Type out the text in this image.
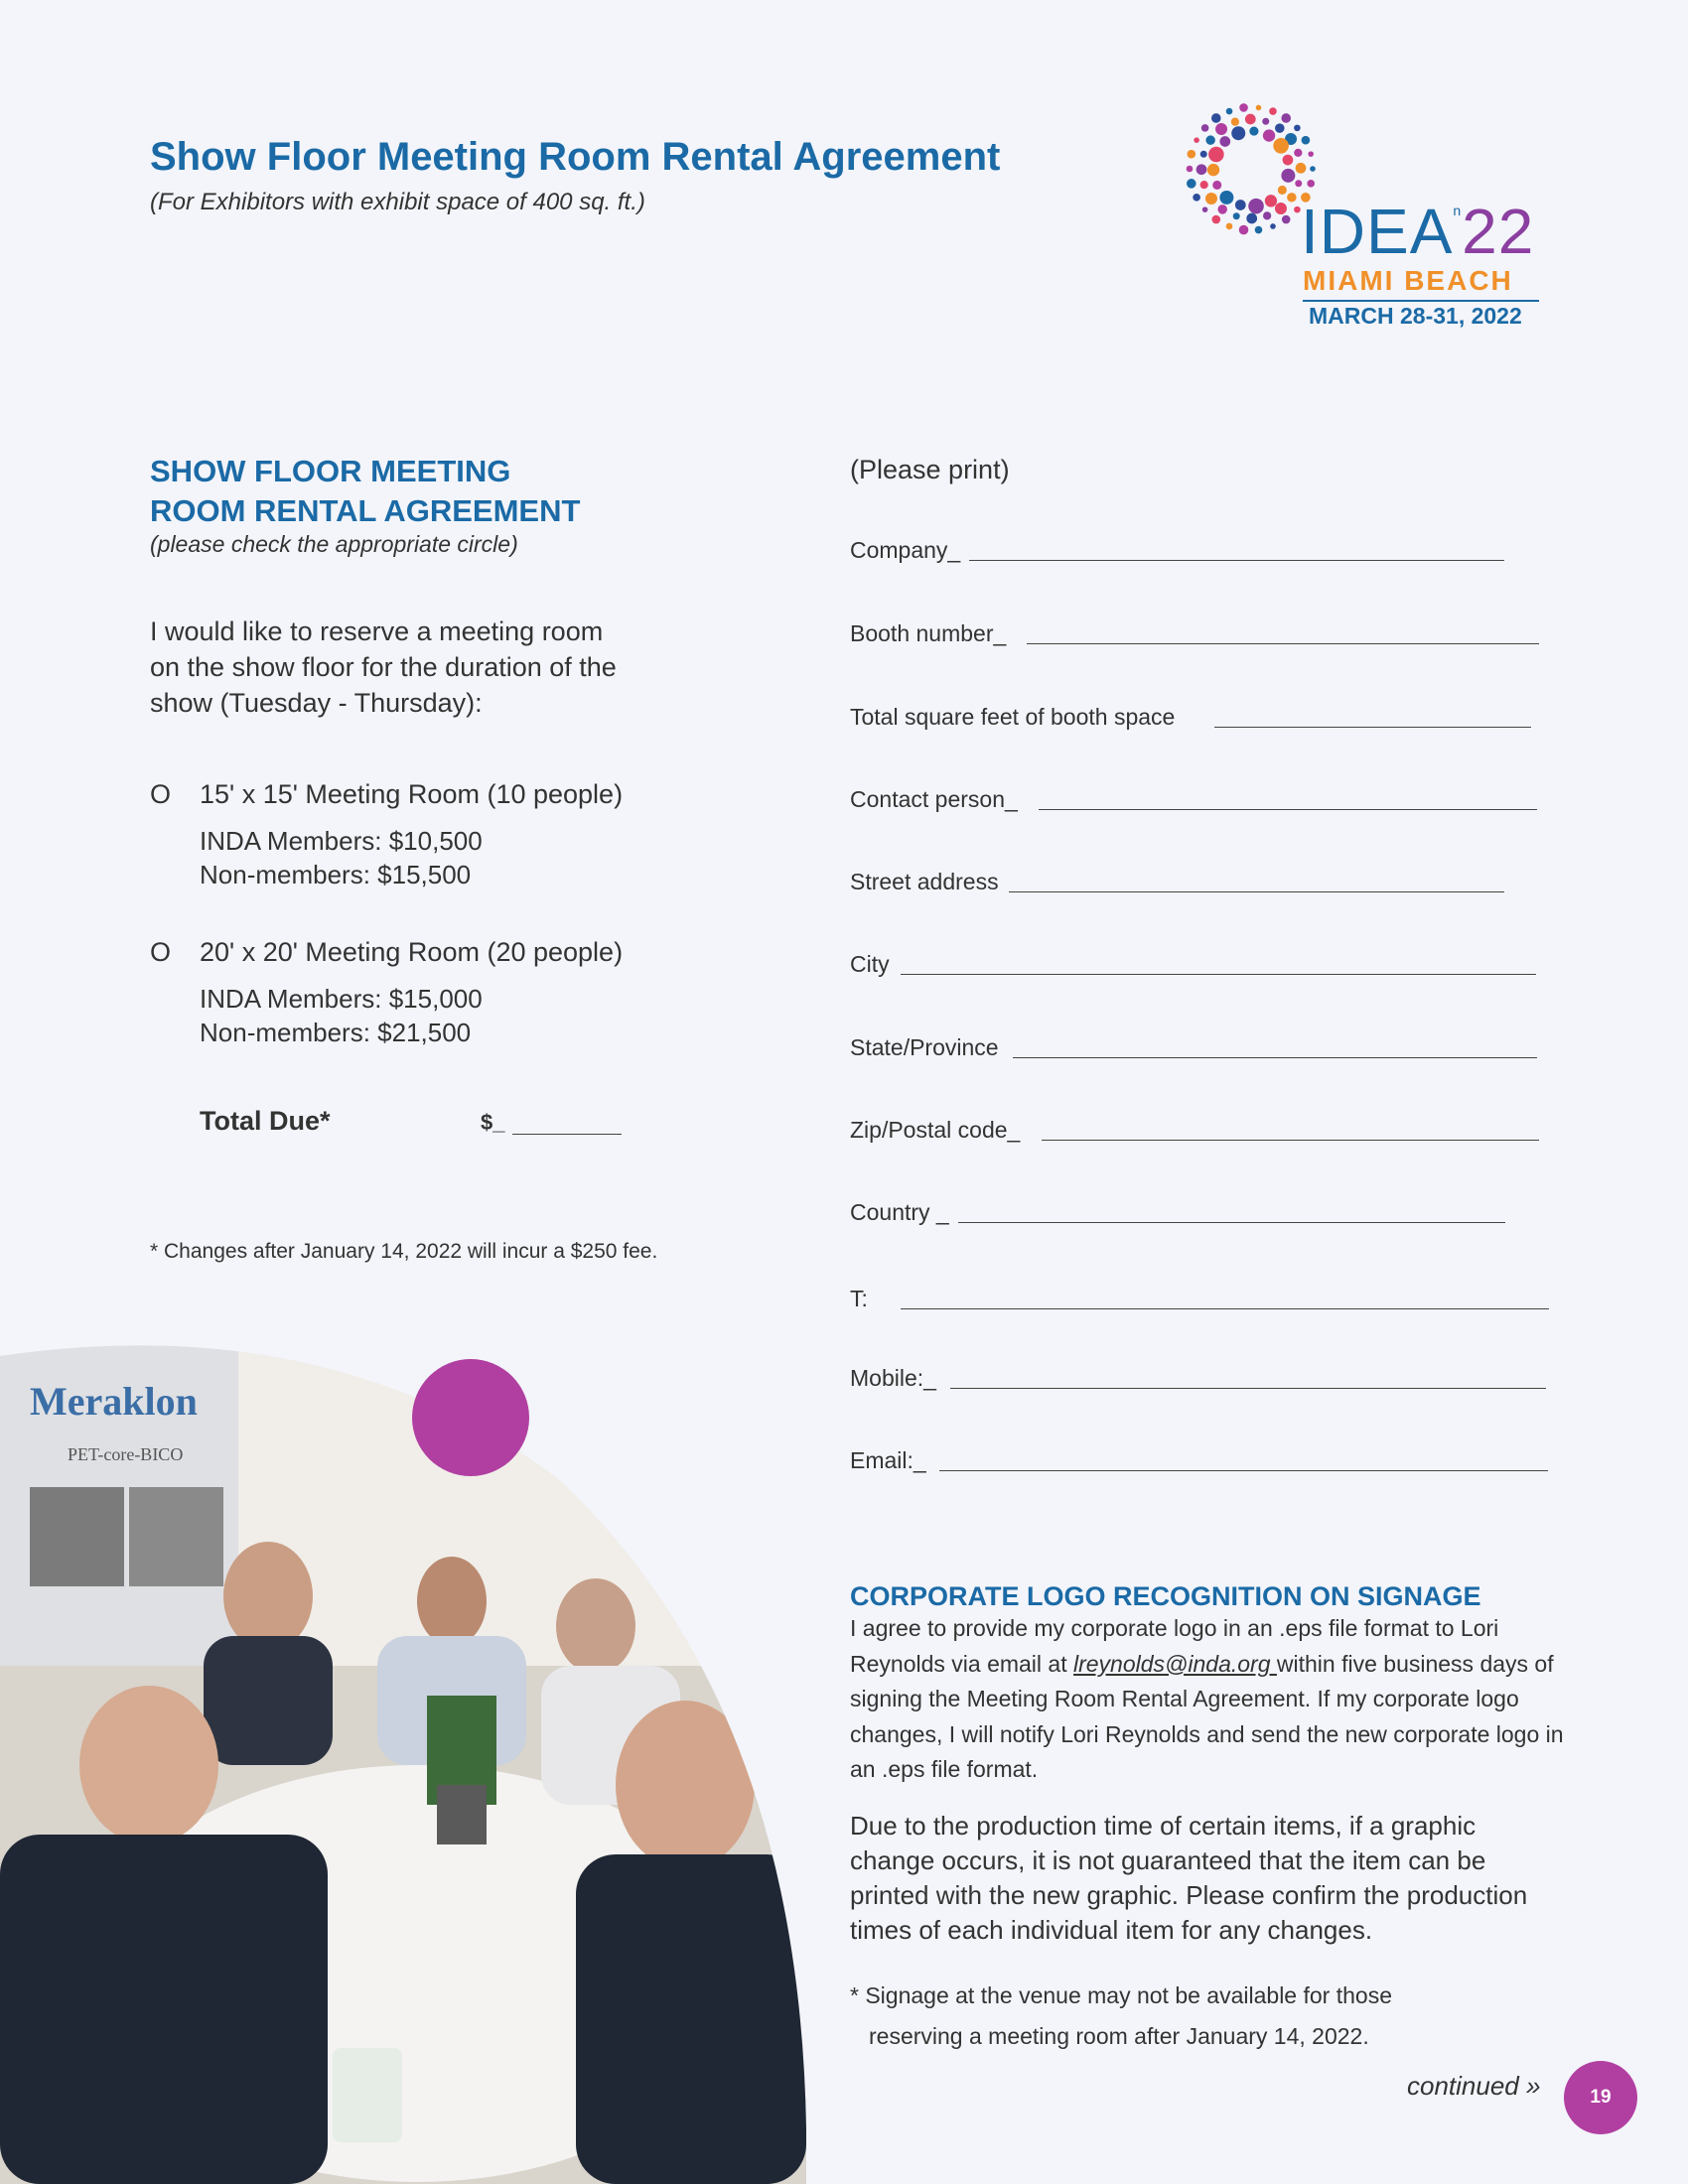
Show Floor Meeting Room Rental Agreement
(For Exhibitors with exhibit space of 400 sq. ft.)	IDEA$^n$22
MIAMI BEACH
MARCH 28-31, 2022
SHOW FLOOR MEETING
ROOM RENTAL AGREEMENT
(please check the appropriate circle)
I would like to reserve a meeting room
on the show floor for the duration of the
show (Tuesday - Thursday):
O 15' x 15' Meeting Room (10 people)
INDA Members: $10,500
Non-members: $15,500
O 20' x 20' Meeting Room (20 people)
INDA Members: $15,000
Non-members: $21,500
Total Due*	$_
* Changes after January 14, 2022 will incur a $250 fee.
Meraklon
PET-core-BICO
(Please print)
Company_
Booth number_
Total square feet of booth space
Contact person_
Street address
City
State/Province
Zip/Postal code_
Country _
T:
Mobile:_
Email:_
CORPORATE LOGO RECOGNITION ON SIGNAGE
I agree to provide my corporate logo in an .eps file format to Lori Reynolds via email at lreynolds@inda.org within five business days of signing the Meeting Room Rental Agreement. If my corporate logo changes, I will notify Lori Reynolds and send the new corporate logo in an .eps file format.
Due to the production time of certain items, if a graphic change occurs, it is not guaranteed that the item can be printed with the new graphic. Please confirm the production times of each individual item for any changes.
* Signage at the venue may not be available for those
reserving a meeting room after January 14, 2022.
continued »	19
